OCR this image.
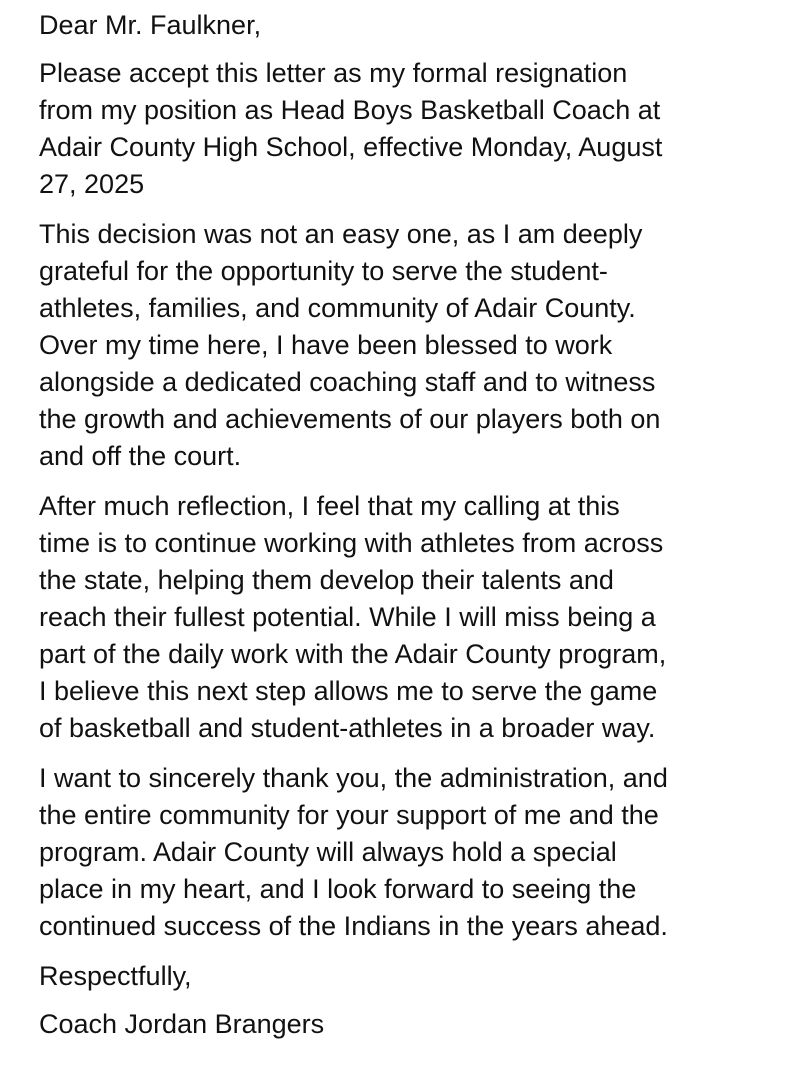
Dear Mr. Faulkner,
Please accept this letter as my formal resignation
from my position as Head Boys Basketball Coach at
Adair County High School, effective Monday, August
27, 2025
This decision was not an easy one, as I am deeply
grateful for the opportunity to serve the student-
athletes, families, and community of Adair County.
Over my time here, I have been blessed to work
alongside a dedicated coaching staff and to witness
the growth and achievements of our players both on
and off the court.
After much reflection, I feel that my calling at this
time is to continue working with athletes from across
the state, helping them develop their talents and
reach their fullest potential. While I will miss being a
part of the daily work with the Adair County program,
I believe this next step allows me to serve the game
of basketball and student-athletes in a broader way.
I want to sincerely thank you, the administration, and
the entire community for your support of me and the
program. Adair County will always hold a special
place in my heart, and I look forward to seeing the
continued success of the Indians in the years ahead.
Respectfully,
Coach Jordan Brangers
